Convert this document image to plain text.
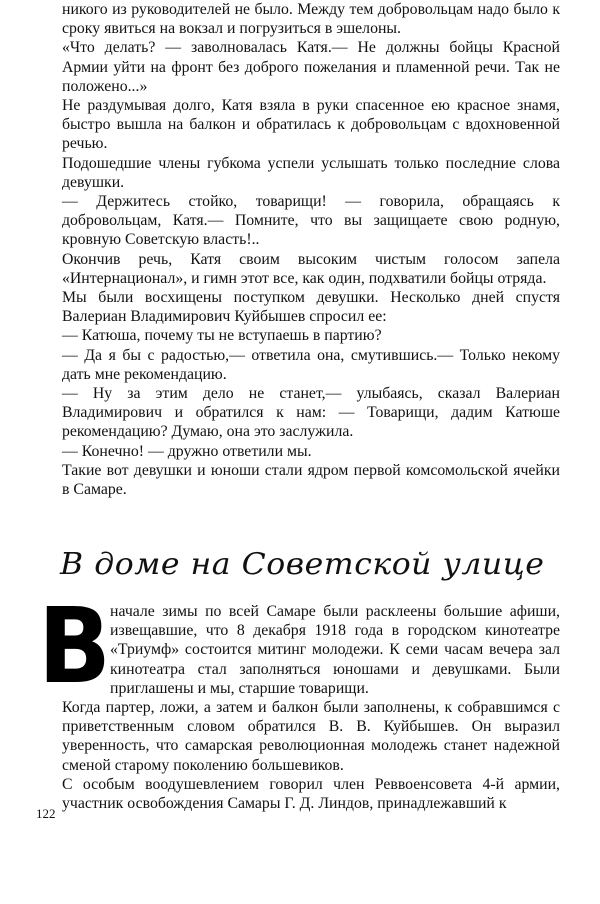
никого из руководителей не было. Между тем добровольцам надо было к сроку явиться на вокзал и погрузиться в эшелоны.

«Что делать? — заволновалась Катя.— Не должны бойцы Красной Армии уйти на фронт без доброго пожелания и пламенной речи. Так не положено...»

Не раздумывая долго, Катя взяла в руки спасенное ею красное знамя, быстро вышла на балкон и обратилась к добровольцам с вдохновенной речью.

Подошедшие члены губкома успели услышать только последние слова девушки.

— Держитесь стойко, товарищи! — говорила, обращаясь к добровольцам, Катя.— Помните, что вы защищаете свою родную, кровную Советскую власть!..

Окончив речь, Катя своим высоким чистым голосом запела «Интернационал», и гимн этот все, как один, подхватили бойцы отряда.

Мы были восхищены поступком девушки. Несколько дней спустя Валериан Владимирович Куйбышев спросил ее:

— Катюша, почему ты не вступаешь в партию?

— Да я бы с радостью,— ответила она, смутившись.— Только некому дать мне рекомендацию.

— Ну за этим дело не станет,— улыбаясь, сказал Валериан Владимирович и обратился к нам: — Товарищи, дадим Катюше рекомендацию? Думаю, она это заслужила.

— Конечно! — дружно ответили мы.

Такие вот девушки и юноши стали ядром первой комсомольской ячейки в Самаре.

В доме на Советской улице
В начале зимы по всей Самаре были расклеены большие афиши, извещавшие, что 8 декабря 1918 года в городском кинотеатре «Триумф» состоится митинг молодежи. К семи часам вечера зал кинотеатра стал заполняться юношами и девушками. Были приглашены и мы, старшие товарищи.

Когда партер, ложи, а затем и балкон были заполнены, к собравшимся с приветственным словом обратился В. В. Куйбышев. Он выразил уверенность, что самарская революционная молодежь станет надежной сменой старому поколению большевиков.

С особым воодушевлением говорил член Реввоенсовета 4-й армии, участник освобождения Самары Г. Д. Линдов, принадлежавший к

122
